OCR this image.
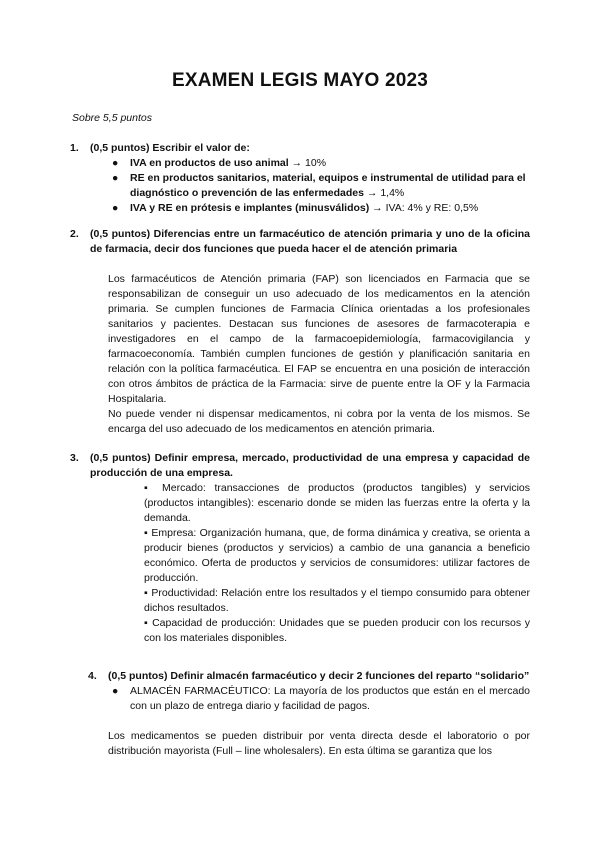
EXAMEN LEGIS MAYO 2023

Sobre 5,5 puntos

1. (0,5 puntos) Escribir el valor de:

● IVA en productos de uso animal → 10%
● RE en productos sanitarios, material, equipos e instrumental de utilidad para el diagnóstico o prevención de las enfermedades → 1,4%
● IVA y RE en prótesis e implantes (minusválidos) → IVA: 4% y RE: 0,5%
2. (0,5 puntos) Diferencias entre un farmacéutico de atención primaria y uno de la oficina de farmacia, decir dos funciones que pueda hacer el de atención primaria

Los farmacéuticos de Atención primaria (FAP) son licenciados en Farmacia que se responsabilizan de conseguir un uso adecuado de los medicamentos en la atención primaria. Se cumplen funciones de Farmacia Clínica orientadas a los profesionales sanitarios y pacientes. Destacan sus funciones de asesores de farmacoterapia e investigadores en el campo de la farmacoepidemiología, farmacovigilancia y farmacoeconomía. También cumplen funciones de gestión y planificación sanitaria en relación con la política farmacéutica. El FAP se encuentra en una posición de interacción con otros ámbitos de práctica de la Farmacia: sirve de puente entre la OF y la Farmacia Hospitalaria.

No puede vender ni dispensar medicamentos, ni cobra por la venta de los mismos. Se encarga del uso adecuado de los medicamentos en atención primaria.

3. (0,5 puntos) Definir empresa, mercado, productividad de una empresa y capacidad de producción de una empresa.

▪ Mercado: transacciones de productos (productos tangibles) y servicios (productos intangibles): escenario donde se miden las fuerzas entre la oferta y la demanda.

▪ Empresa: Organización humana, que, de forma dinámica y creativa, se orienta a producir bienes (productos y servicios) a cambio de una ganancia a beneficio económico. Oferta de productos y servicios de consumidores: utilizar factores de producción.

▪ Productividad: Relación entre los resultados y el tiempo consumido para obtener dichos resultados.

▪ Capacidad de producción: Unidades que se pueden producir con los recursos y con los materiales disponibles.

4. (0,5 puntos) Definir almacén farmacéutico y decir 2 funciones del reparto “solidario”

● ALMACÉN FARMACÉUTICO: La mayoría de los productos que están en el mercado con un plazo de entrega diario y facilidad de pagos.

Los medicamentos se pueden distribuir por venta directa desde el laboratorio o por distribución mayorista (Full – line wholesalers). En esta última se garantiza que los
